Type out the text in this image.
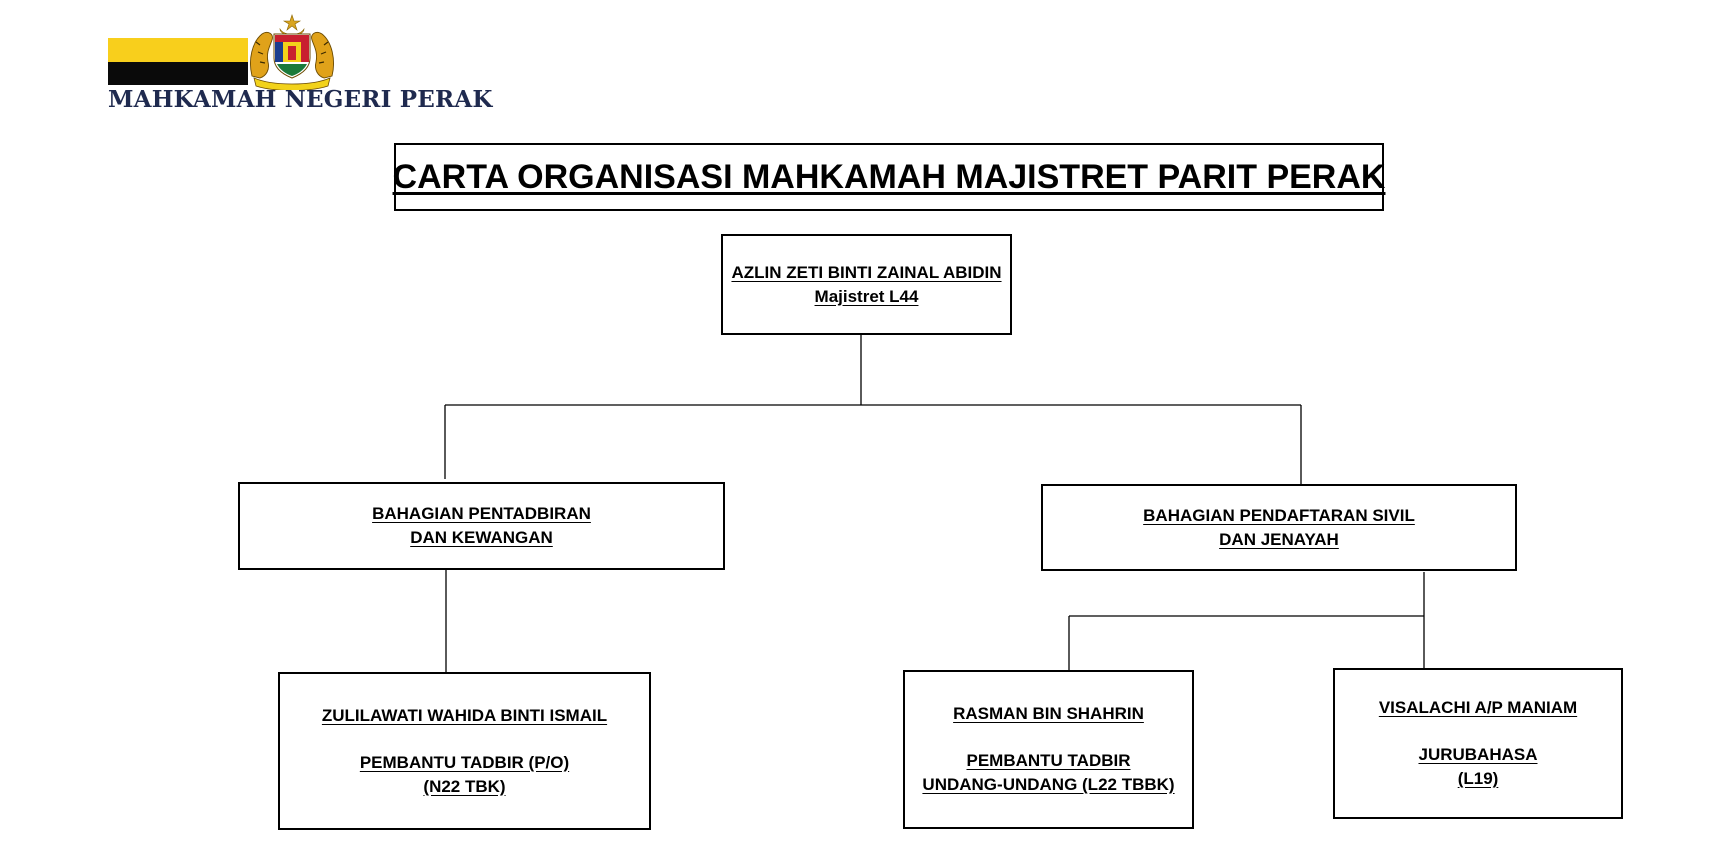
MAHKAMAH NEGERI PERAK
CARTA ORGANISASI MAHKAMAH MAJISTRET PARIT PERAK
AZLIN ZETI BINTI ZAINAL ABIDIN
Majistret L44
BAHAGIAN PENTADBIRAN
DAN KEWANGAN
BAHAGIAN PENDAFTARAN SIVIL
DAN JENAYAH
ZULILAWATI WAHIDA BINTI ISMAIL
PEMBANTU TADBIR (P/O)
(N22 TBK)
RASMAN BIN SHAHRIN
PEMBANTU TADBIR
UNDANG-UNDANG (L22 TBBK)
VISALACHI A/P MANIAM
JURUBAHASA
(L19)
